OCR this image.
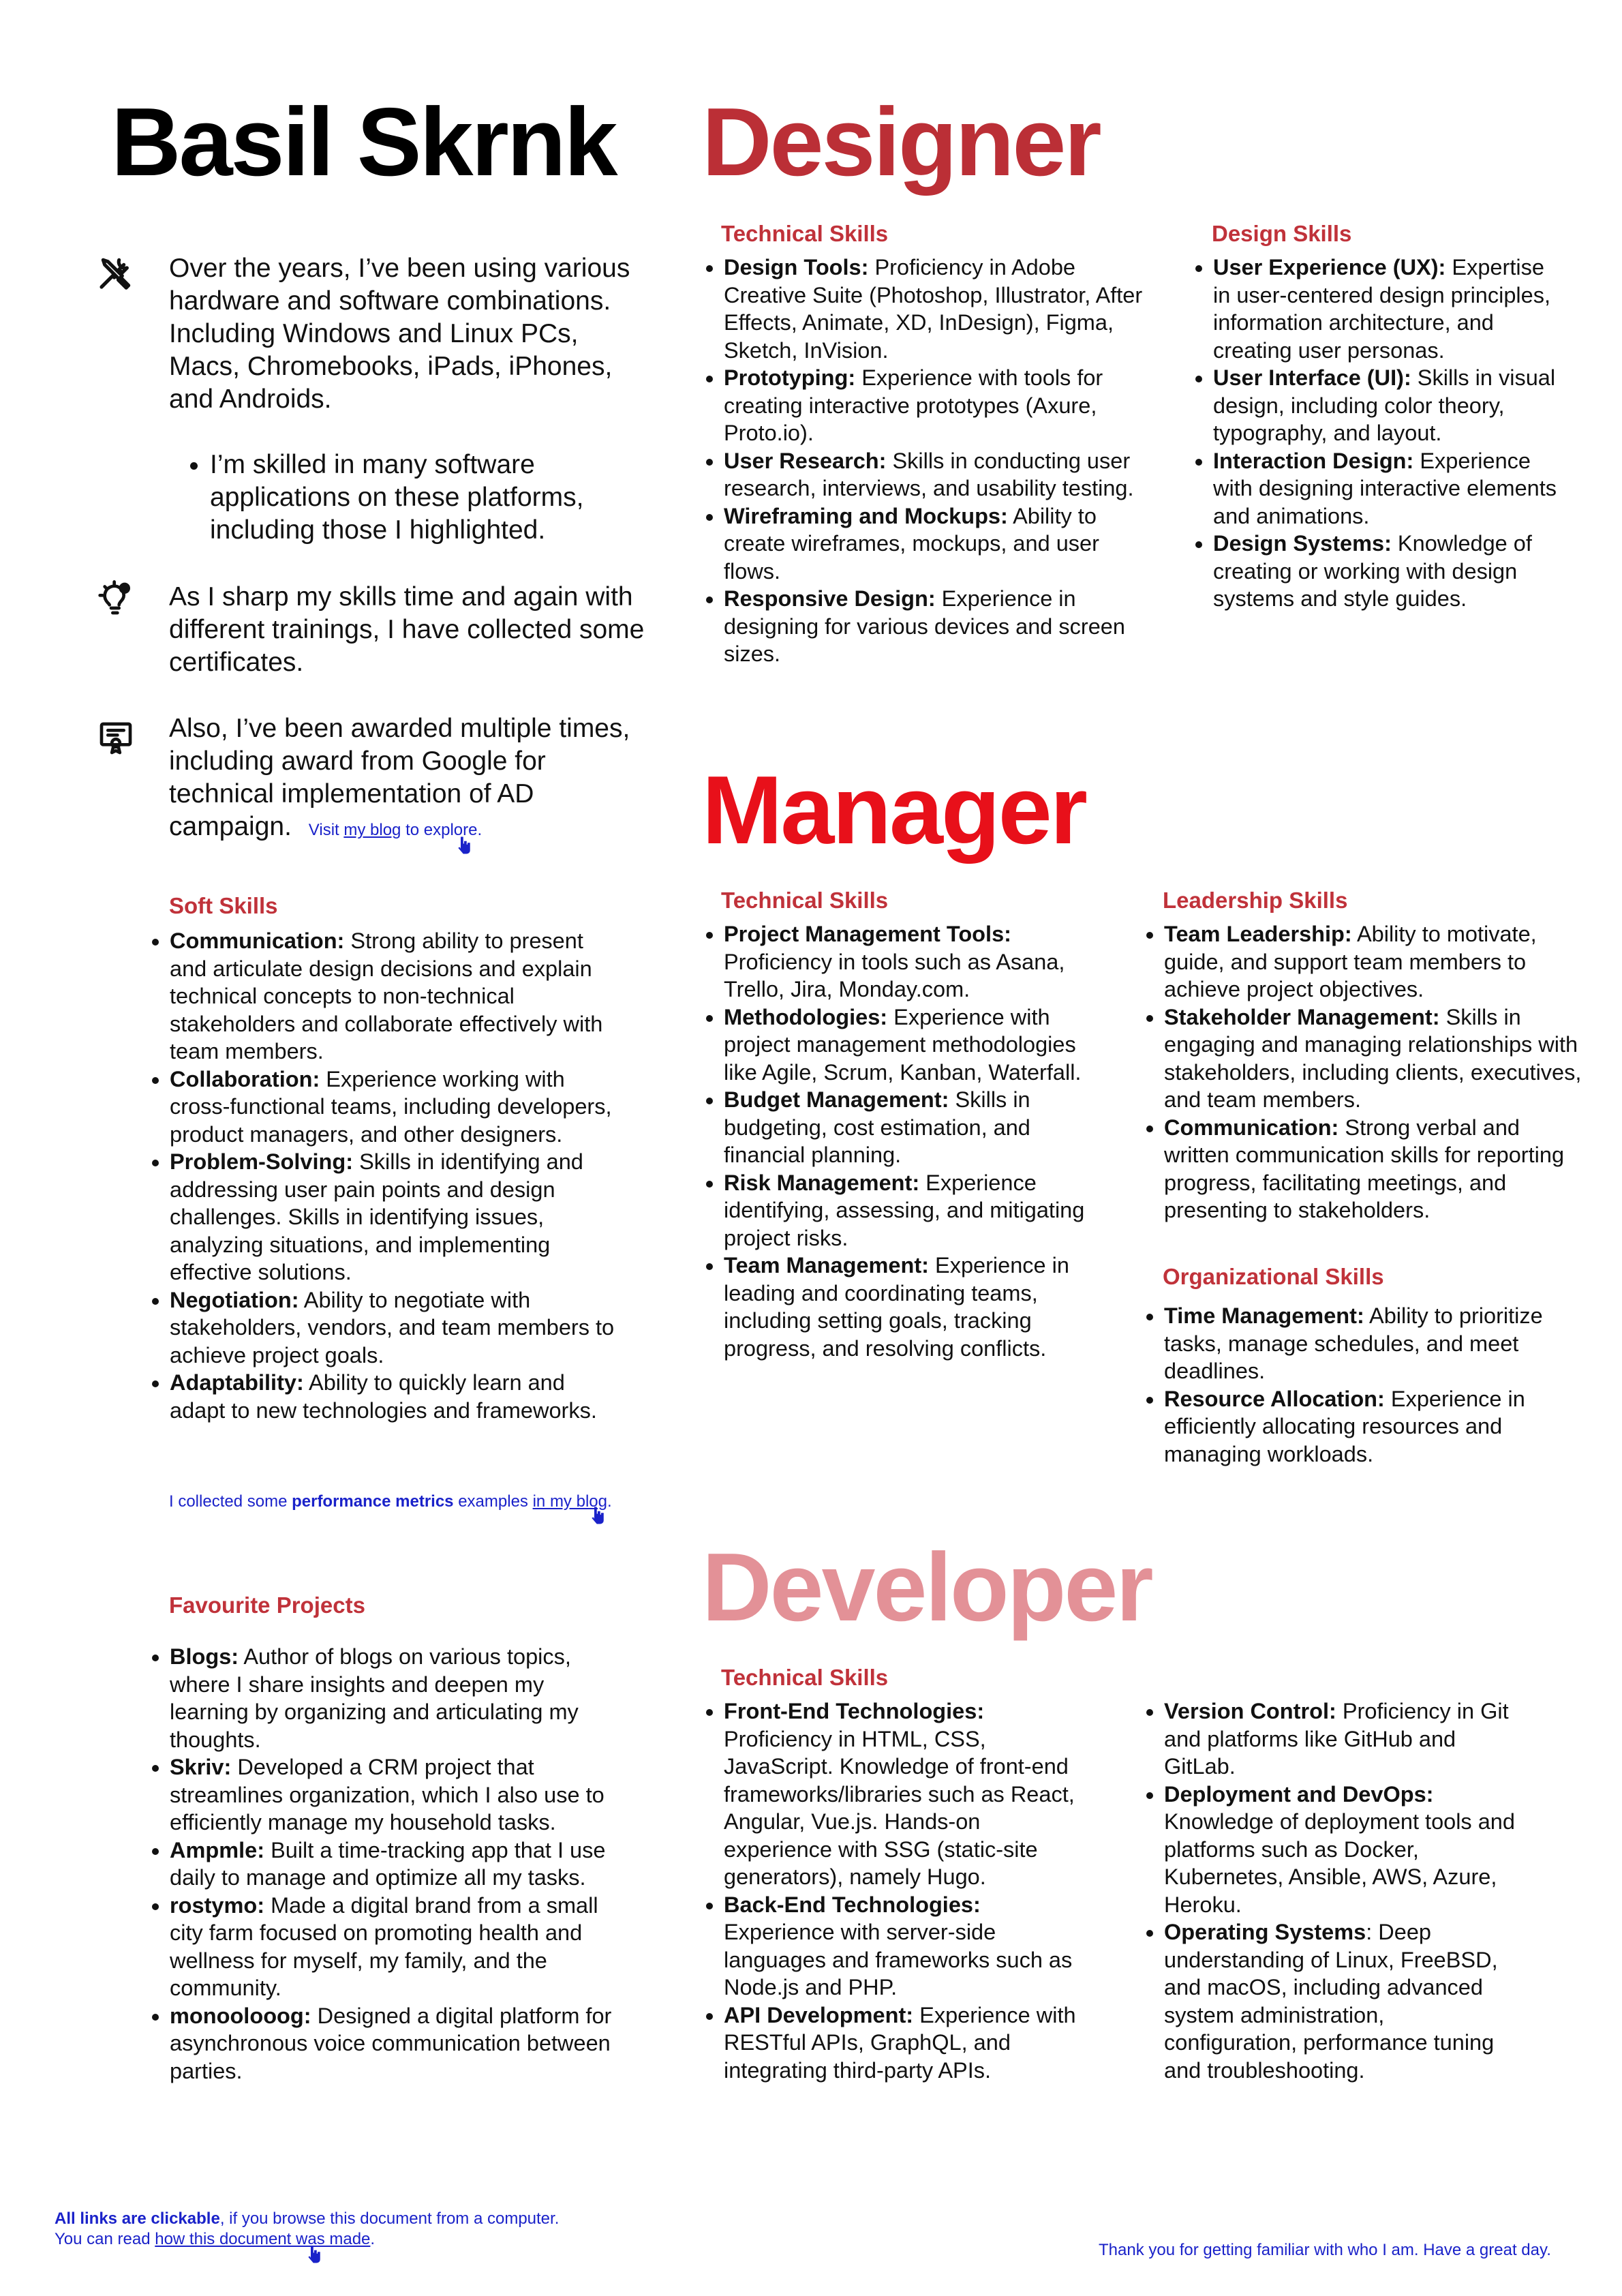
Basil Skrnk Designer
Over the years, I’ve been using various hardware and software combinations. Including Windows and Linux PCs, Macs, Chromebooks, iPads, iPhones, and Androids.
• I’m skilled in many software applications on these platforms, including those I highlighted.
As I sharp my skills time and again with different trainings, I have collected some certificates.
Also, I’ve been awarded multiple times, including award from Google for technical implementation of AD campaign. Visit my blog to explore.
Soft Skills
• Communication: Strong ability to present and articulate design decisions and explain technical concepts to non-technical stakeholders and collaborate effectively with team members.
• Collaboration: Experience working with cross-functional teams, including developers, product managers, and other designers.
• Problem-Solving: Skills in identifying and addressing user pain points and design challenges. Skills in identifying issues, analyzing situations, and implementing effective solutions.
• Negotiation: Ability to negotiate with stakeholders, vendors, and team members to achieve project goals.
• Adaptability: Ability to quickly learn and adapt to new technologies and frameworks.
I collected some performance metrics examples in my blog.
Favourite Projects
• Blogs: Author of blogs on various topics, where I share insights and deepen my learning by organizing and articulating my thoughts.
• Skriv: Developed a CRM project that streamlines organization, which I also use to efficiently manage my household tasks.
• Ampmle: Built a time-tracking app that I use daily to manage and optimize all my tasks.
• rostymo: Made a digital brand from a small city farm focused on promoting health and wellness for myself, my family, and the community.
• monoolooog: Designed a digital platform for asynchronous voice communication between parties.
Technical Skills
• Design Tools: Proficiency in Adobe Creative Suite (Photoshop, Illustrator, After Effects, Animate, XD, InDesign), Figma, Sketch, InVision.
• Prototyping: Experience with tools for creating interactive prototypes (Axure, Proto.io).
• User Research: Skills in conducting user research, interviews, and usability testing.
• Wireframing and Mockups: Ability to create wireframes, mockups, and user flows.
• Responsive Design: Experience in designing for various devices and screen sizes.
Design Skills
• User Experience (UX): Expertise in user-centered design principles, information architecture, and creating user personas.
• User Interface (UI): Skills in visual design, including color theory, typography, and layout.
• Interaction Design: Experience with designing interactive elements and animations.
• Design Systems: Knowledge of creating or working with design systems and style guides.
Manager
Technical Skills
• Project Management Tools: Proficiency in tools such as Asana, Trello, Jira, Monday.com.
• Methodologies: Experience with project management methodologies like Agile, Scrum, Kanban, Waterfall.
• Budget Management: Skills in budgeting, cost estimation, and financial planning.
• Risk Management: Experience identifying, assessing, and mitigating project risks.
• Team Management: Experience in leading and coordinating teams, including setting goals, tracking progress, and resolving conflicts.
Leadership Skills
• Team Leadership: Ability to motivate, guide, and support team members to achieve project objectives.
• Stakeholder Management: Skills in engaging and managing relationships with stakeholders, including clients, executives, and team members.
• Communication: Strong verbal and written communication skills for reporting progress, facilitating meetings, and presenting to stakeholders.
Organizational Skills
• Time Management: Ability to prioritize tasks, manage schedules, and meet deadlines.
• Resource Allocation: Experience in efficiently allocating resources and managing workloads.
Developer
Technical Skills
• Front-End Technologies: Proficiency in HTML, CSS, JavaScript. Knowledge of front-end frameworks/libraries such as React, Angular, Vue.js. Hands-on experience with SSG (static-site generators), namely Hugo.
• Back-End Technologies: Experience with server-side languages and frameworks such as Node.js and PHP.
• API Development: Experience with RESTful APIs, GraphQL, and integrating third-party APIs.
• Version Control: Proficiency in Git and platforms like GitHub and GitLab.
• Deployment and DevOps: Knowledge of deployment tools and platforms such as Docker, Kubernetes, Ansible, AWS, Azure, Heroku.
• Operating Systems: Deep understanding of Linux, FreeBSD, and macOS, including advanced system administration, configuration, performance tuning and troubleshooting.
All links are clickable, if you browse this document from a computer.
You can read how this document was made.
Thank you for getting familiar with who I am. Have a great day.
